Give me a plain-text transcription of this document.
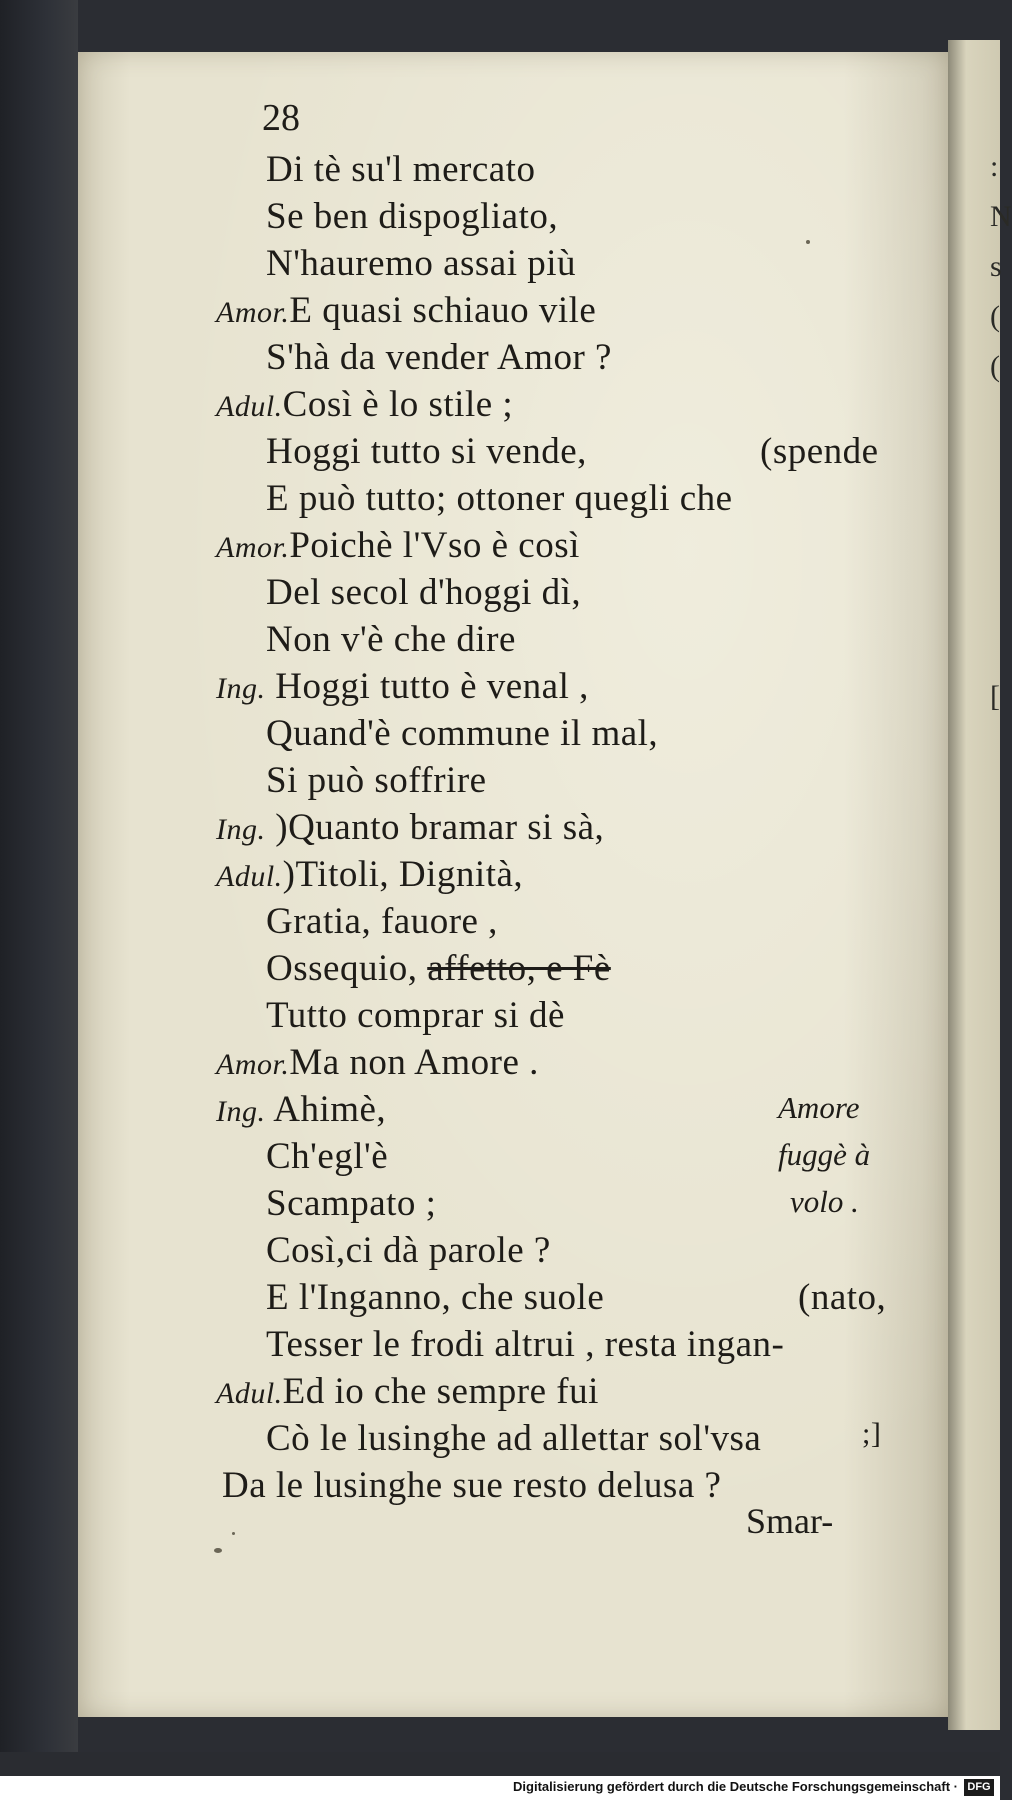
:
N
s
(
(
[
28
Di tè su'l mercato
Se ben dispogliato,
N'hauremo assai più
Amor.E quasi schiauo vile
S'hà da vender Amor ?
Adul.Così è lo stile ;
Hoggi tutto si vende,
E può tutto; ottoner quegli che
Amor.Poichè l'Vso è così
Del secol d'hoggi dì,
Non v'è che dire
Ing. Hoggi tutto è venal ,
Quand'è commune il mal,
Si può soffrire
Ing. )Quanto bramar si sà,
Adul.)Titoli, Dignità,
Gratia, fauore ,
Ossequio, affetto, e Fè
Tutto comprar si dè
Amor.Ma non Amore .
Ing. Ahimè,
Ch'egl'è
Scampato ;
Così,ci dà parole ?
E l'Inganno, che suole
Tesser le frodi altrui , resta ingan-
Adul.Ed io che sempre fui
Cò le lusinghe ad allettar sol'vsa
Da le lusinghe sue resto delusa ?
(spende
(nato,
;]
Amore
fuggè à
volo .
Smar-
Digitalisierung gefördert durch die Deutsche Forschungsgemeinschaft · DFG
